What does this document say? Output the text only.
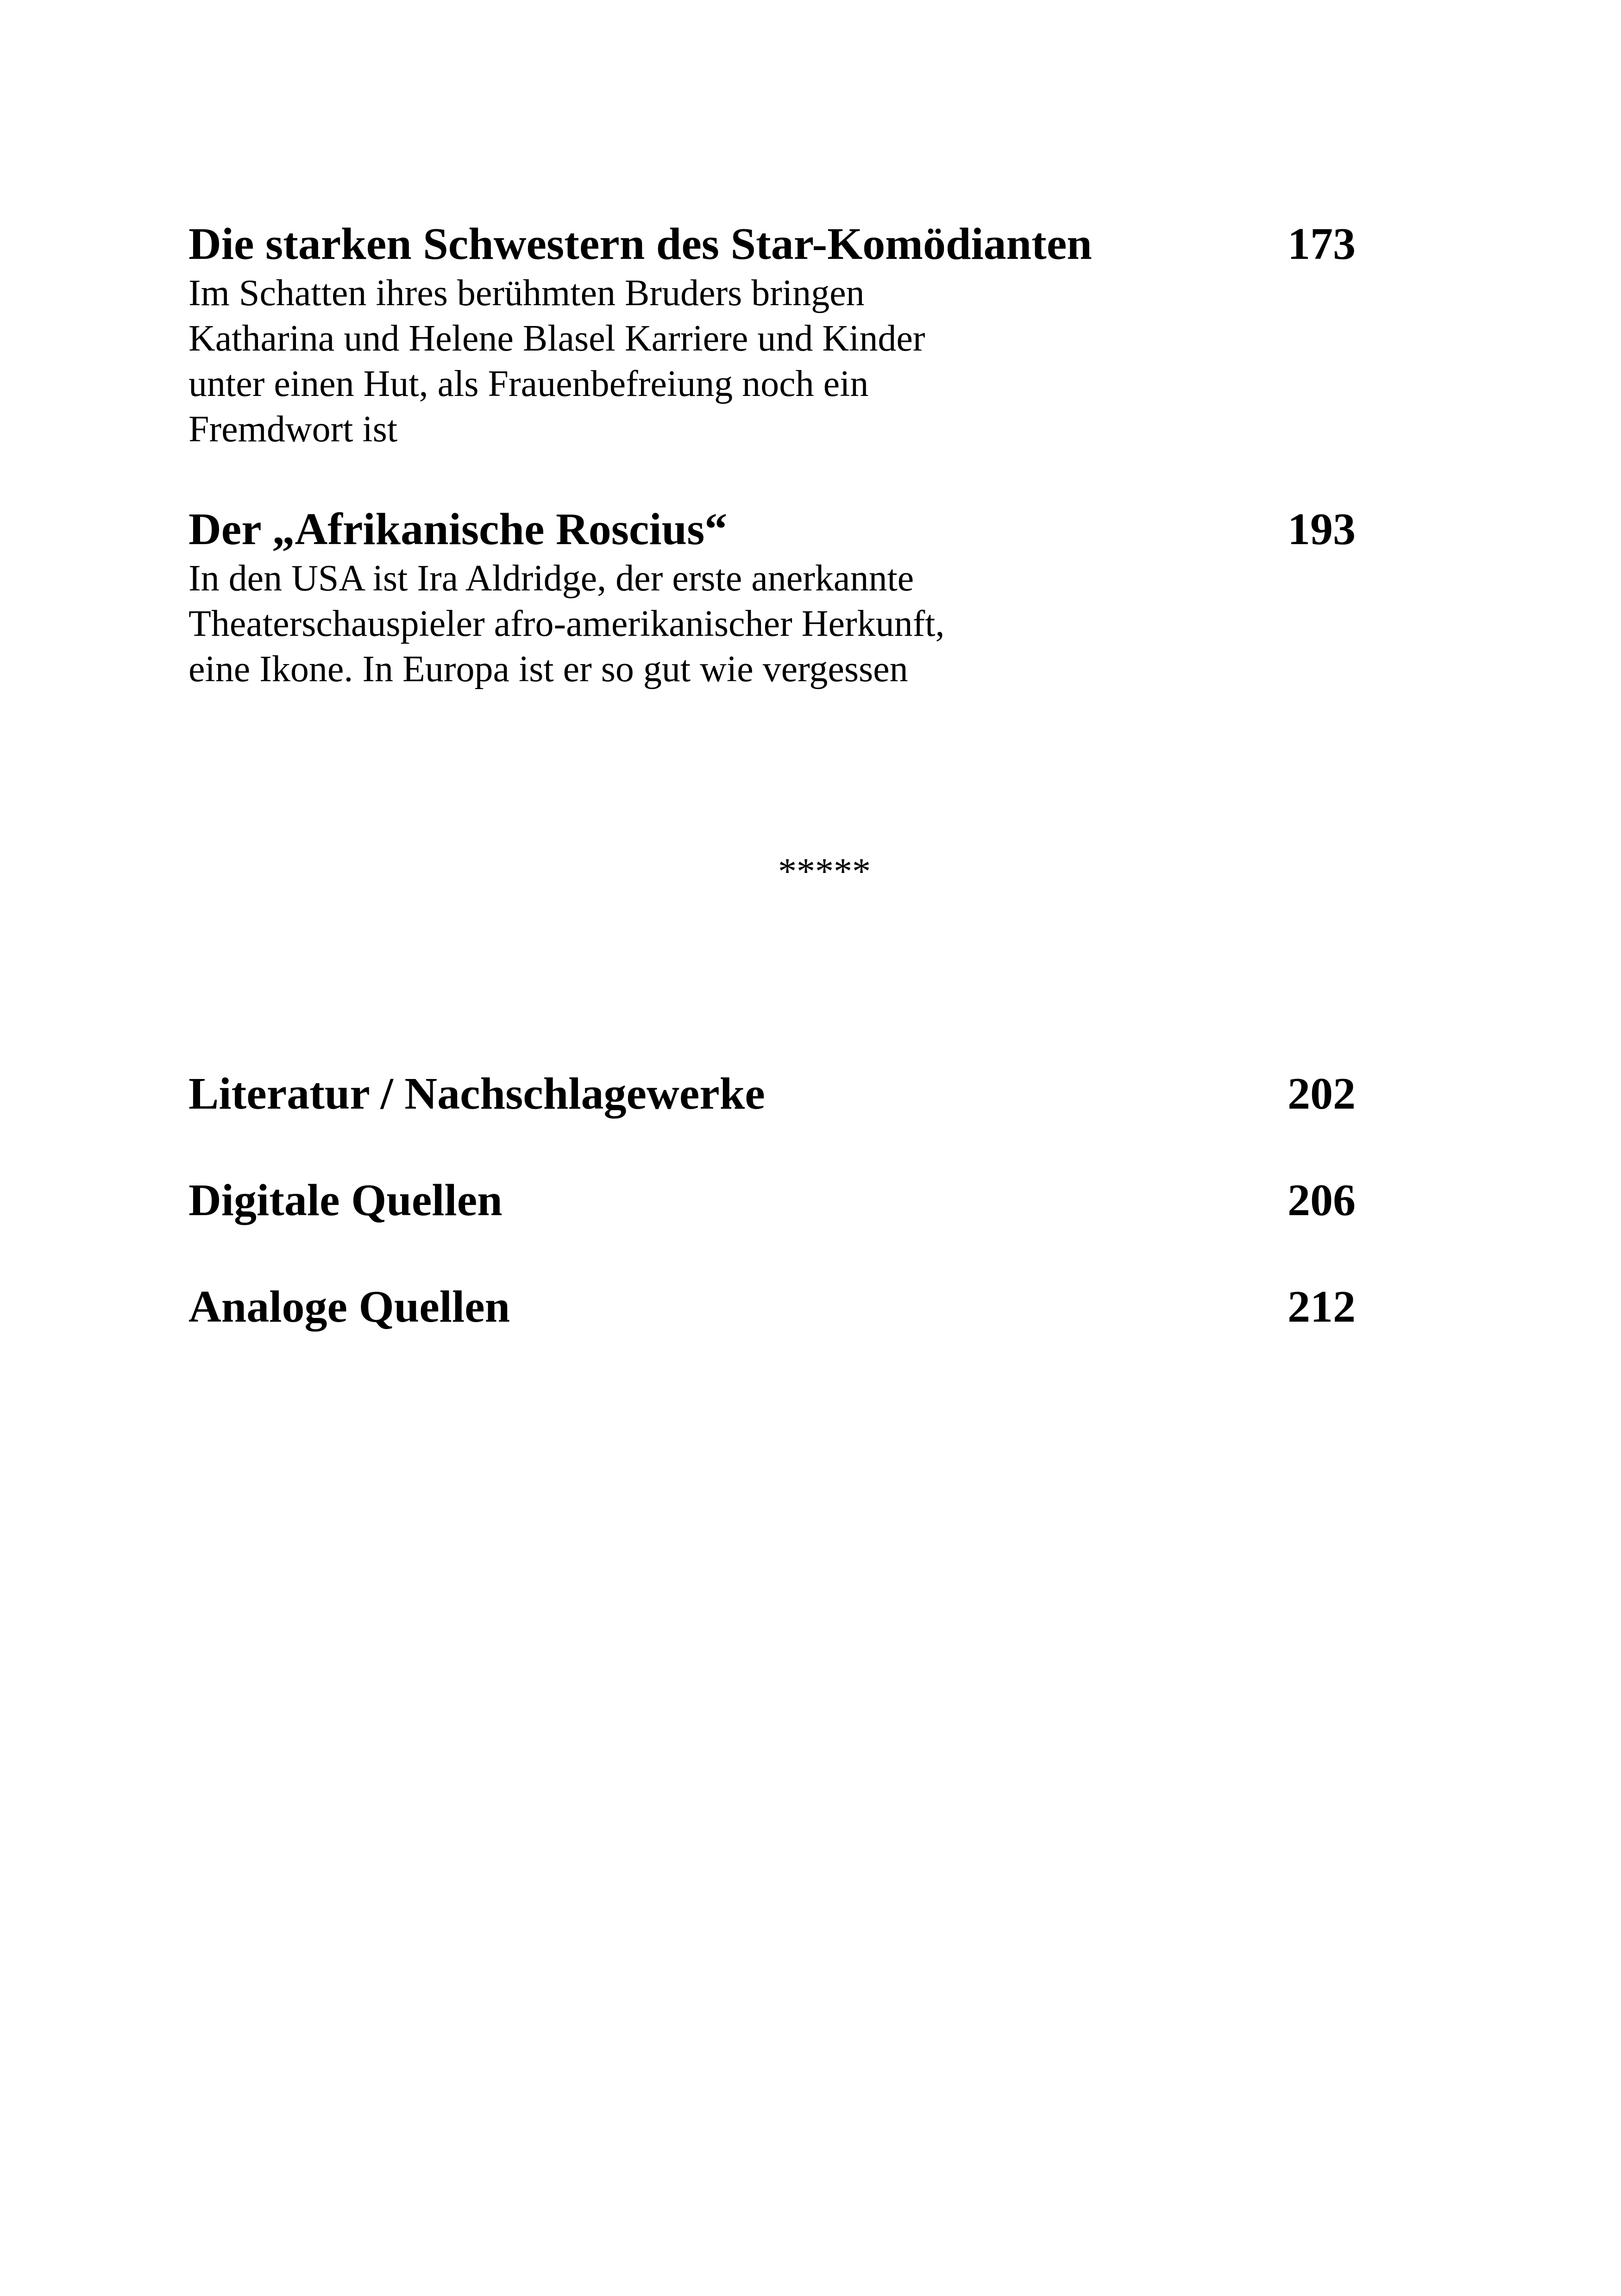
Die starken Schwestern des Star-Komödianten	173
Im Schatten ihres berühmten Bruders bringen
Katharina und Helene Blasel Karriere und Kinder
unter einen Hut, als Frauenbefreiung noch ein
Fremdwort ist
Der „Afrikanische Roscius“	193
In den USA ist Ira Aldridge, der erste anerkannte
Theaterschauspieler afro-amerikanischer Herkunft,
eine Ikone. In Europa ist er so gut wie vergessen
*****
Literatur / Nachschlagewerke	202
Digitale Quellen	206
Analoge Quellen	212
